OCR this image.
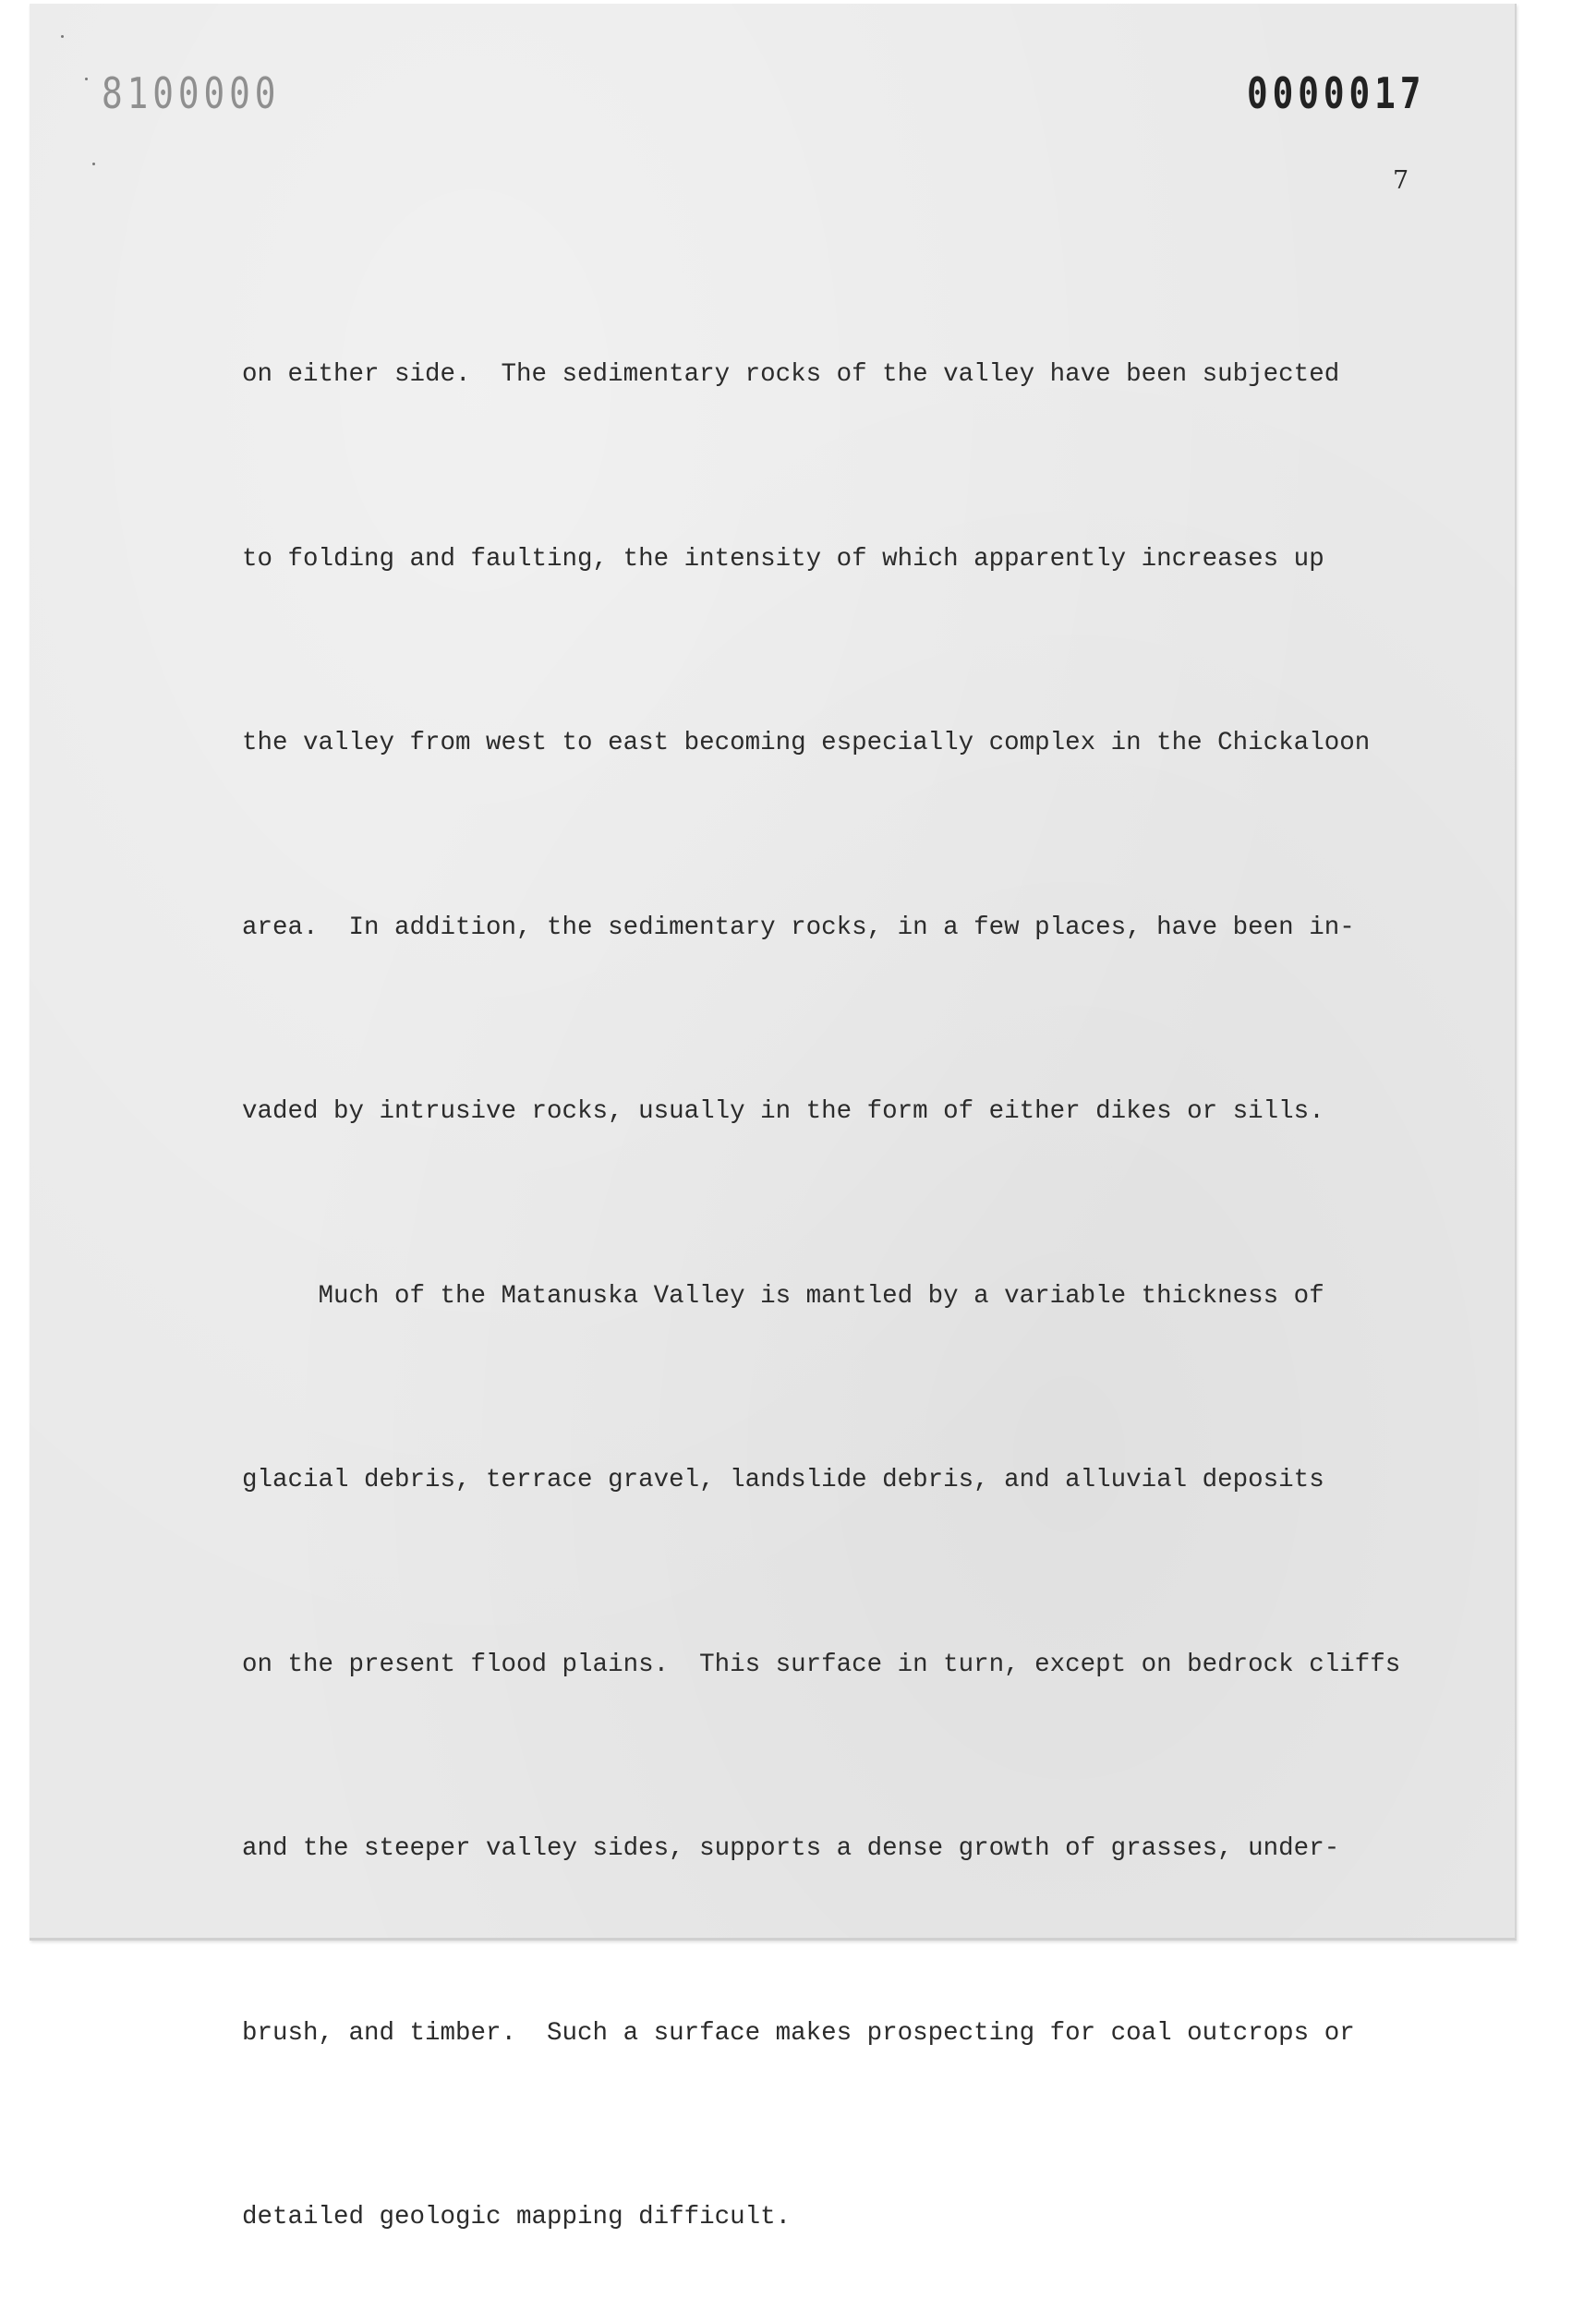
8100000	0000017
7

on either side.  The sedimentary rocks of the valley have been subjected

to folding and faulting, the intensity of which apparently increases up

the valley from west to east becoming especially complex in the Chickaloon

area.  In addition, the sedimentary rocks, in a few places, have been in-

vaded by intrusive rocks, usually in the form of either dikes or sills.

Much of the Matanuska Valley is mantled by a variable thickness of

glacial debris, terrace gravel, landslide debris, and alluvial deposits

on the present flood plains.  This surface in turn, except on bedrock cliffs

and the steeper valley sides, supports a dense growth of grasses, under-

brush, and timber.  Such a surface makes prospecting for coal outcrops or

detailed geologic mapping difficult.
